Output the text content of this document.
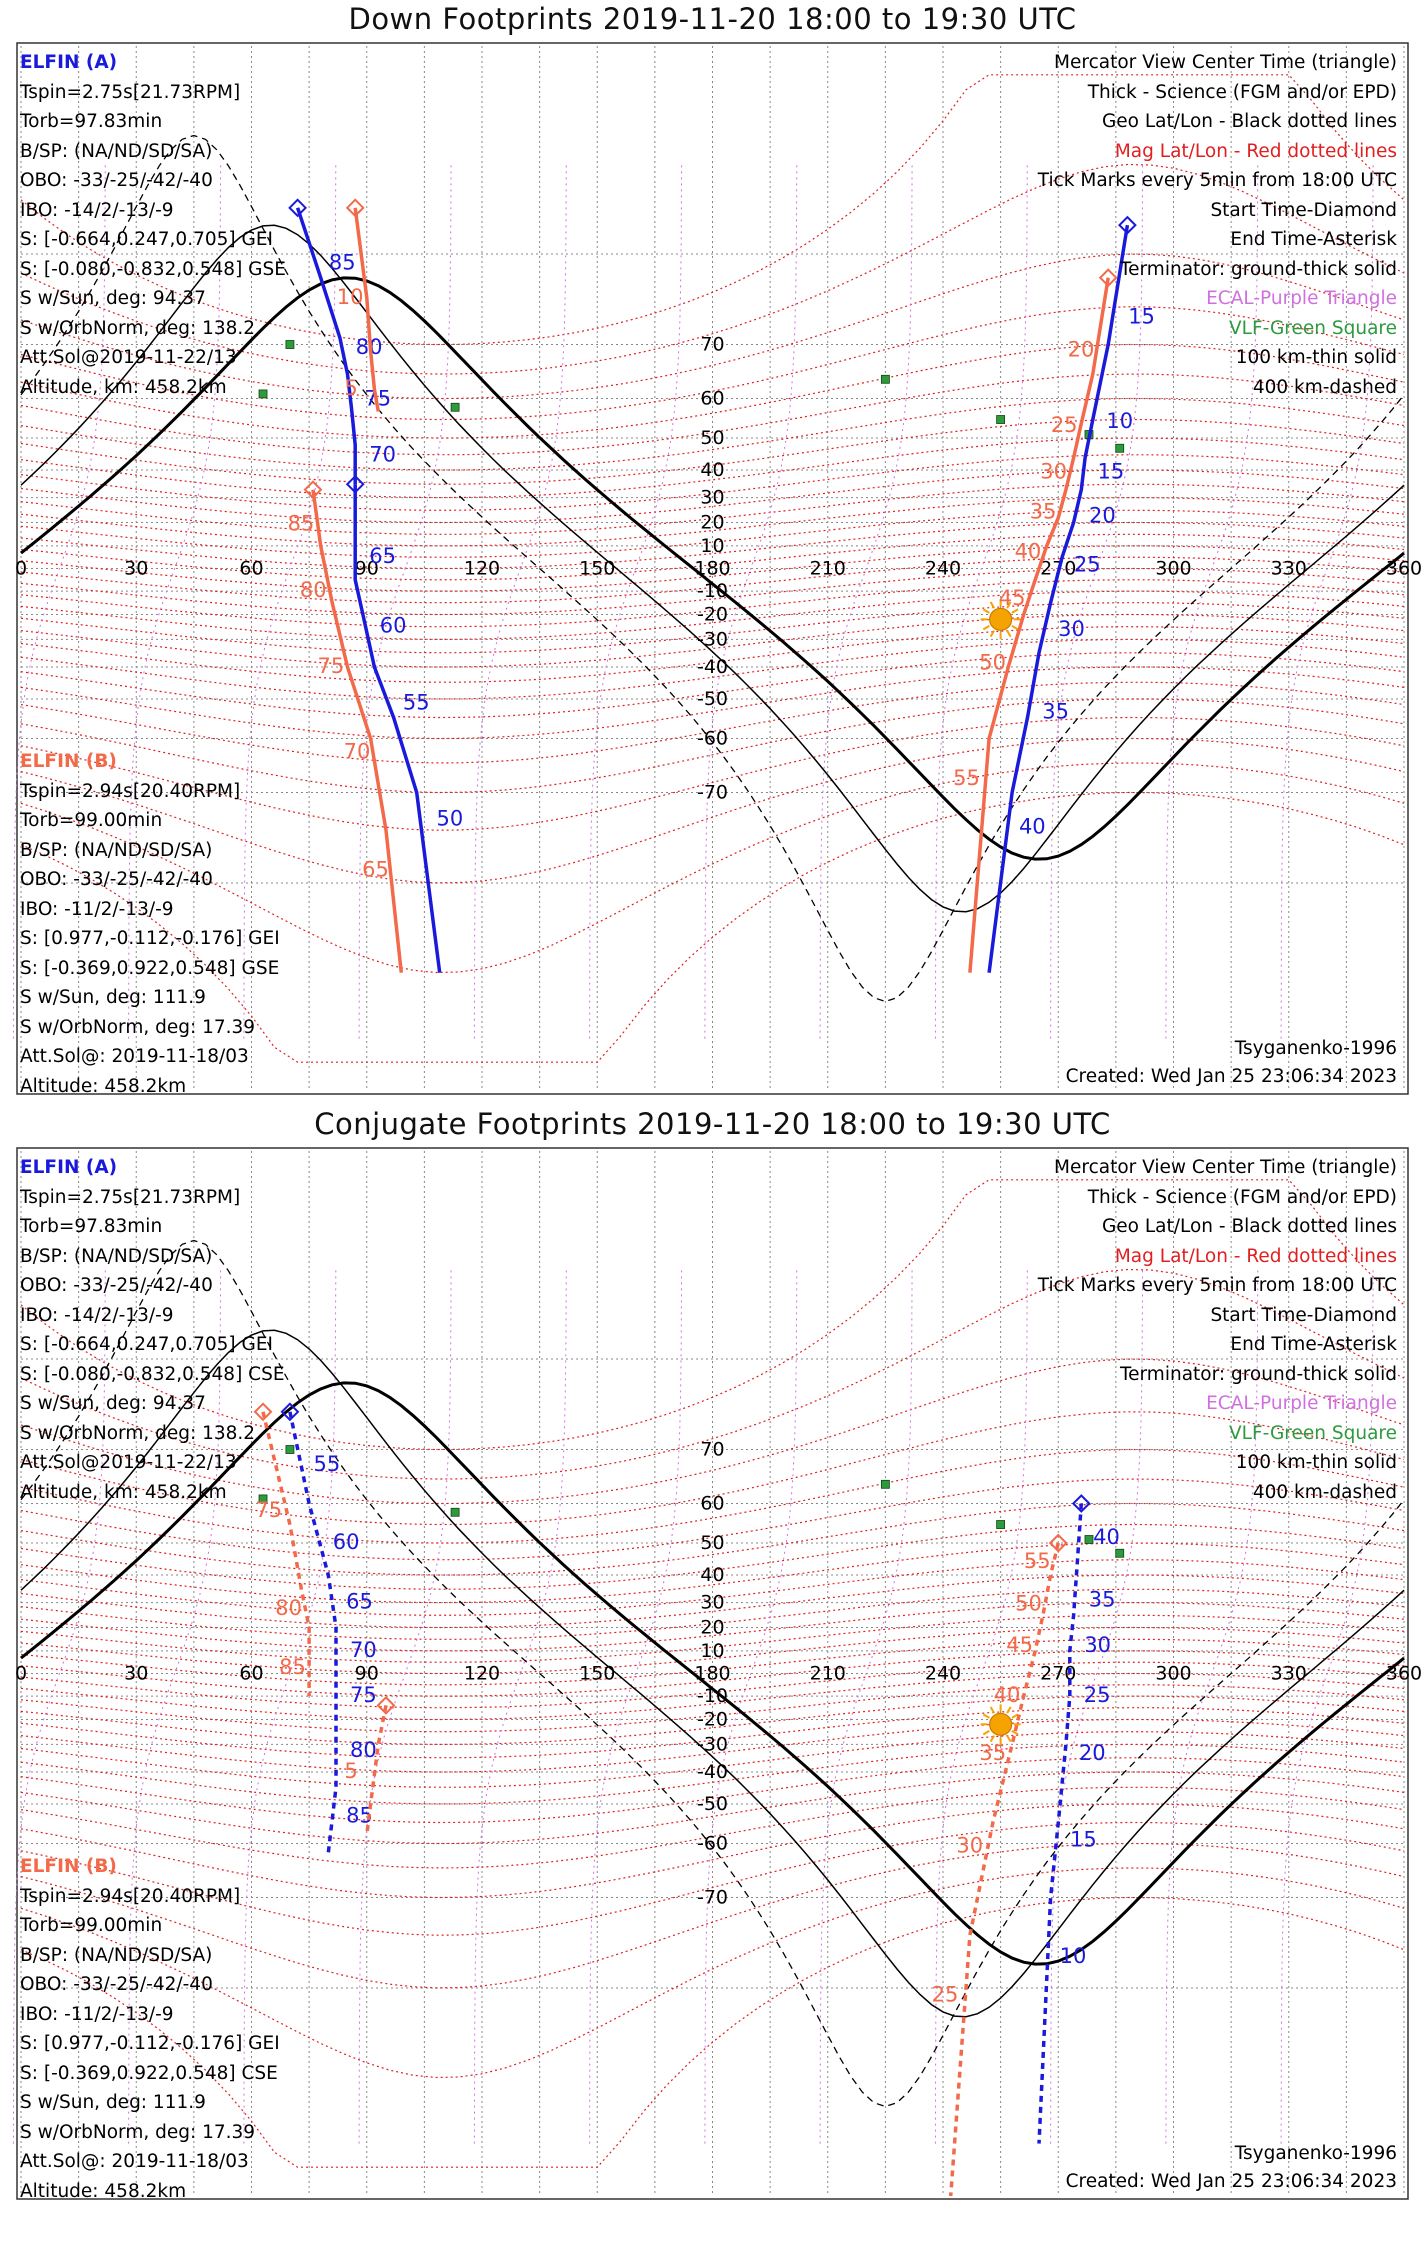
Down Footprints 2019-11-20 18:00 to 19:30 UTC
0	30	60	90	120	150	180	210	240	270	300	330	360
70
60
50
40
30
20
10
-10
-20
-30
-40
-50
-60
-70
85
80
75
70
65
60
55
50
10
5
85
80
75
70
65
15
10
15
20
25
30
35
40
20
25
30
35
40
45
50
55
ELFIN (A)
Tspin=2.75s[21.73RPM]
Torb=97.83min
B/SP: (NA/ND/SD/SA)
OBO: -33/-25/-42/-40
IBO: -14/2/-13/-9
S: [-0.664,0.247,0.705] GEI
S: [-0.080,-0.832,0.548] GSE
S w/Sun, deg: 94.37
S w/OrbNorm, deg: 138.2
Att.Sol@2019-11-22/13
Altitude, km: 458.2km
ELFIN (B)
Tspin=2.94s[20.40RPM]
Torb=99.00min
B/SP: (NA/ND/SD/SA)
OBO: -33/-25/-42/-40
IBO: -11/2/-13/-9
S: [0.977,-0.112,-0.176] GEI
S: [-0.369,0.922,0.548] GSE
S w/Sun, deg: 111.9
S w/OrbNorm, deg: 17.39
Att.Sol@: 2019-11-18/03
Altitude: 458.2km
Mercator View Center Time (triangle)
Thick - Science (FGM and/or EPD)
Geo Lat/Lon - Black dotted lines
Mag Lat/Lon - Red dotted lines
Tick Marks every 5min from 18:00 UTC
Start Time-Diamond
End Time-Asterisk
Terminator: ground-thick solid
ECAL-Purple Triangle
VLF-Green Square
100 km-thin solid
400 km-dashed
Tsyganenko-1996
Created: Wed Jan 25 23:06:34 2023
Conjugate Footprints 2019-11-20 18:00 to 19:30 UTC
0	30	60	90	120	150	180	210	240	270	300	330	360
70
60
50
40
30
20
10
-10
-20
-30
-40
-50
-60
-70
55
60
65
70
75
80
85
75
80
85
5
40
35
30
25
20
15
10
55
50
45
40
35
30
25
ELFIN (A)
Tspin=2.75s[21.73RPM]
Torb=97.83min
B/SP: (NA/ND/SD/SA)
OBO: -33/-25/-42/-40
IBO: -14/2/-13/-9
S: [-0.664,0.247,0.705] GEI
S: [-0.080,-0.832,0.548] CSE
S w/Sun, deg: 94.37
S w/OrbNorm, deg: 138.2
Att.Sol@2019-11-22/13
Altitude, km: 458.2km
ELFIN (B)
Tspin=2.94s[20.40RPM]
Torb=99.00min
B/SP: (NA/ND/SD/SA)
OBO: -33/-25/-42/-40
IBO: -11/2/-13/-9
S: [0.977,-0.112,-0.176] GEI
S: [-0.369,0.922,0.548] CSE
S w/Sun, deg: 111.9
S w/OrbNorm, deg: 17.39
Att.Sol@: 2019-11-18/03
Altitude: 458.2km
Mercator View Center Time (triangle)
Thick - Science (FGM and/or EPD)
Geo Lat/Lon - Black dotted lines
Mag Lat/Lon - Red dotted lines
Tick Marks every 5min from 18:00 UTC
Start Time-Diamond
End Time-Asterisk
Terminator: ground-thick solid
ECAL-Purple Triangle
VLF-Green Square
100 km-thin solid
400 km-dashed
Tsyganenko-1996
Created: Wed Jan 25 23:06:34 2023
